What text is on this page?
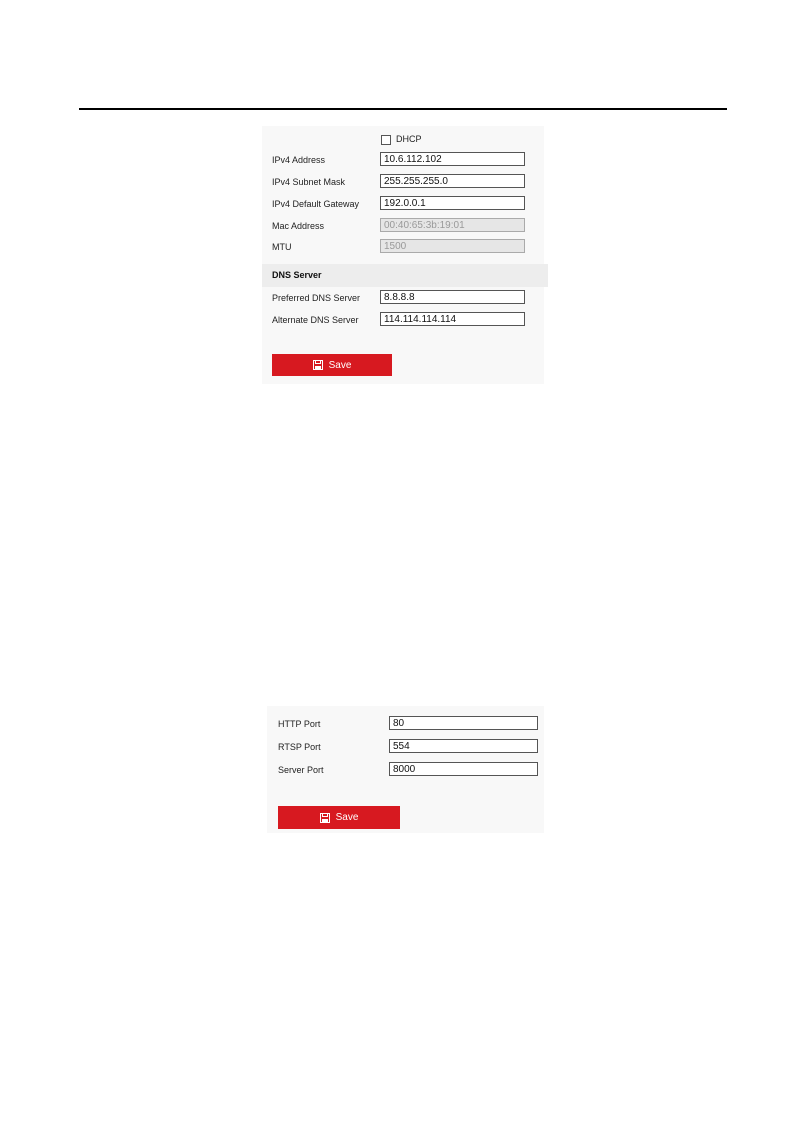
DHCP
IPv4 Address
10.6.112.102
IPv4 Subnet Mask
255.255.255.0
IPv4 Default Gateway
192.0.0.1
Mac Address
00:40:65:3b:19:01
MTU
1500
DNS Server
Preferred DNS Server
8.8.8.8
Alternate DNS Server
114.114.114.114
Save
HTTP Port
80
RTSP Port
554
Server Port
8000
Save
